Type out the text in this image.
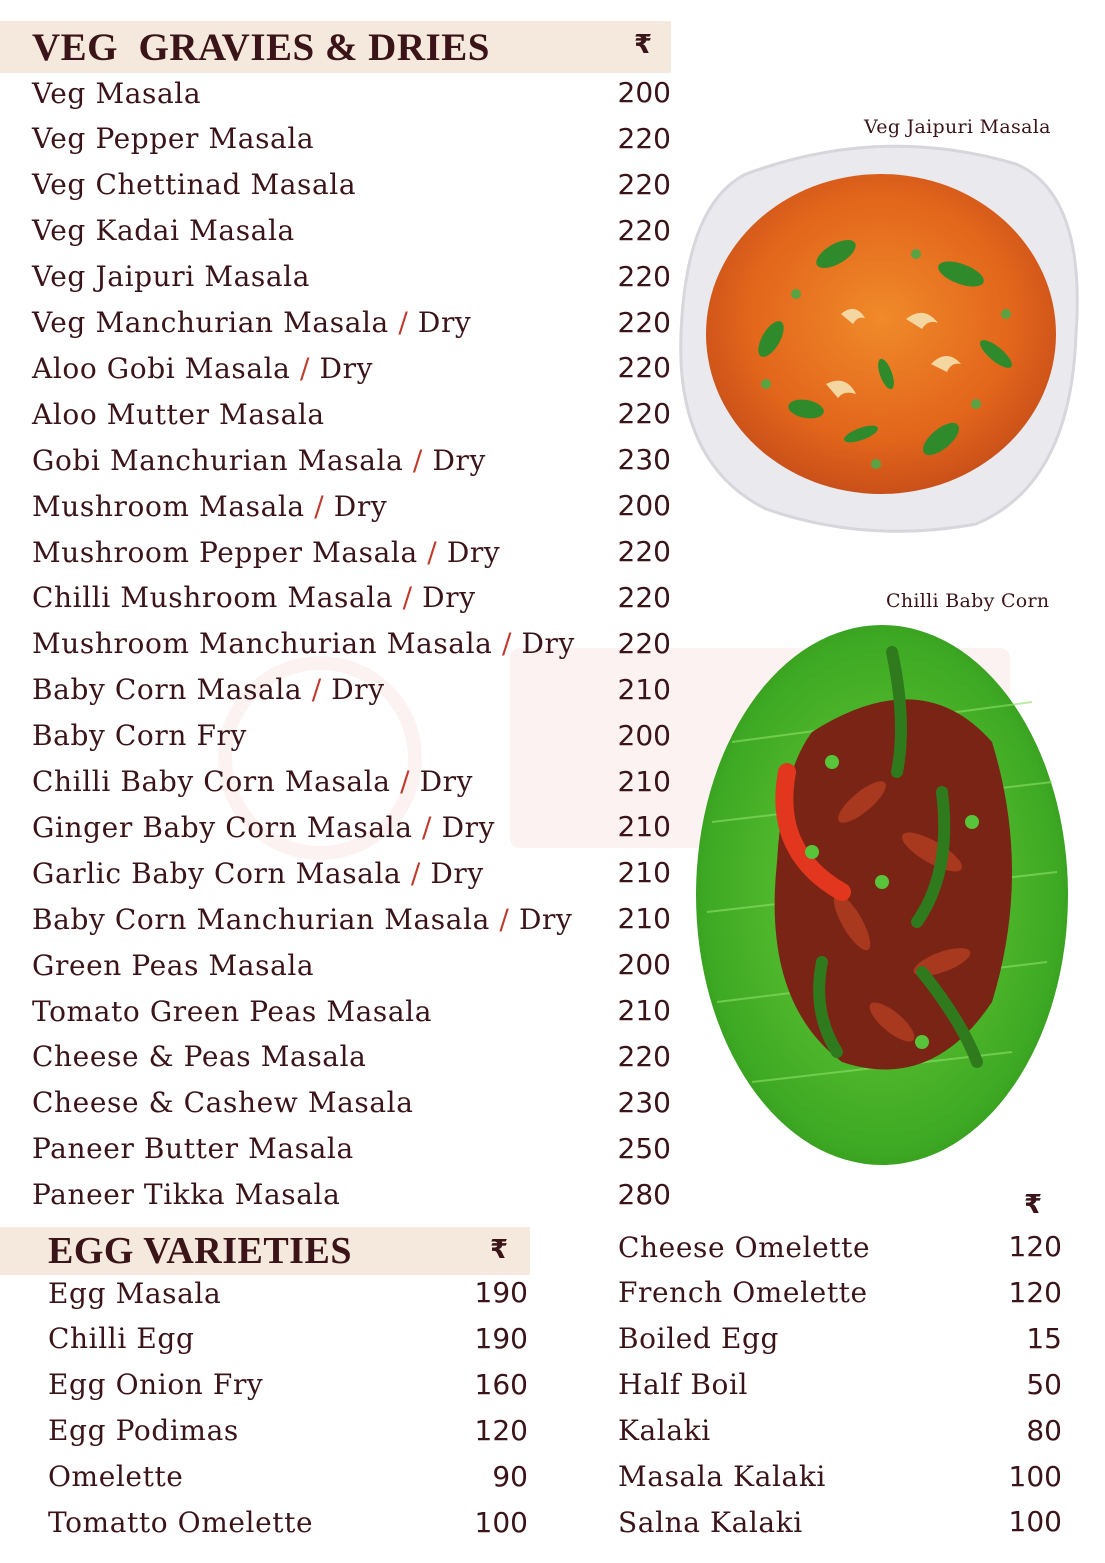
VEG  GRAVIES & DRIES	₹
Veg Masala	200
Veg Pepper Masala	220
Veg Chettinad Masala	220
Veg Kadai Masala	220
Veg Jaipuri Masala	220
Veg Manchurian Masala / Dry	220
Aloo Gobi Masala / Dry	220
Aloo Mutter Masala	220
Gobi Manchurian Masala / Dry	230
Mushroom Masala / Dry	200
Mushroom Pepper Masala / Dry	220
Chilli Mushroom Masala / Dry	220
Mushroom Manchurian Masala / Dry 220
Baby Corn Masala / Dry	210
Baby Corn Fry	200
Chilli Baby Corn Masala / Dry	210
Ginger Baby Corn Masala / Dry	210
Garlic Baby Corn Masala / Dry	210
Baby Corn Manchurian Masala / Dry 210
Green Peas Masala	200
Tomato Green Peas Masala	210
Cheese & Peas Masala	220
Cheese & Cashew Masala	230
Paneer Butter Masala	250
Paneer Tikka Masala	280
Veg Jaipuri Masala
Chilli Baby Corn
EGG VARIETIES	₹
₹
Egg Masala	190
Chilli Egg	190
Egg Onion Fry	160
Egg Podimas	120
Omelette	90
Tomatto Omelette	100
Cheese Omelette	120
French Omelette	120
Boiled Egg	15
Half Boil	50
Kalaki	80
Masala Kalaki	100
Salna Kalaki	100
